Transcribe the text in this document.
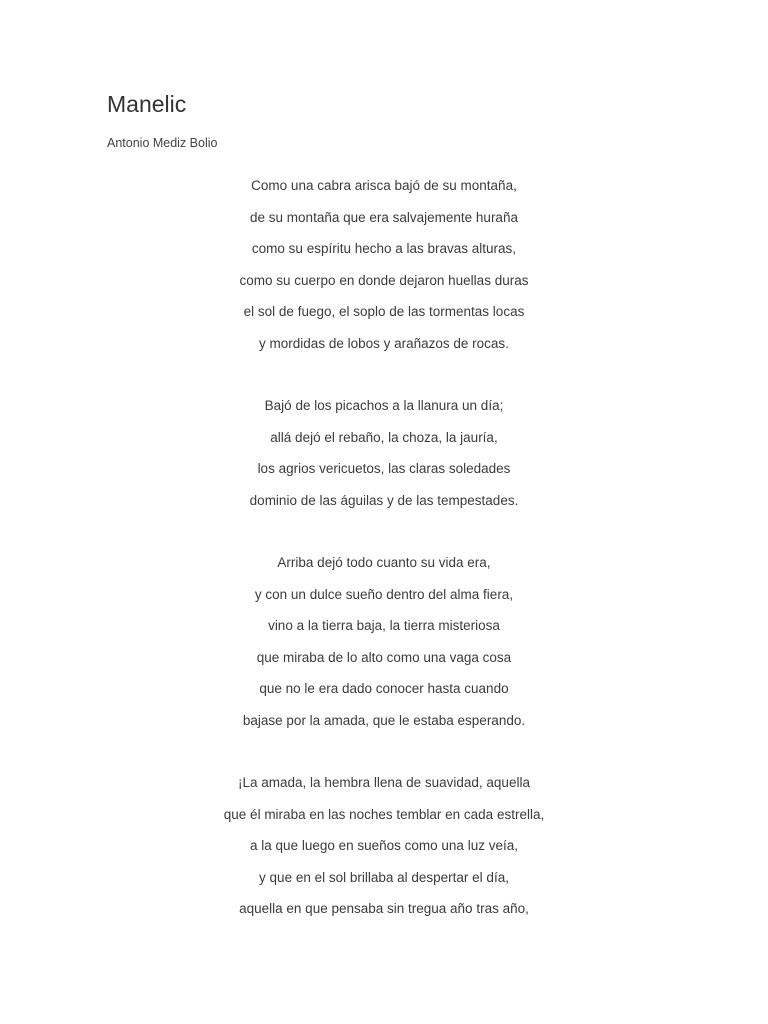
Manelic
Antonio Mediz Bolio
Como una cabra arisca bajó de su montaña,
de su montaña que era salvajemente huraña
como su espíritu hecho a las bravas alturas,
como su cuerpo en donde dejaron huellas duras
el sol de fuego, el soplo de las tormentas locas
y mordidas de lobos y arañazos de rocas.
Bajó de los picachos a la llanura un día;
allá dejó el rebaño, la choza, la jauría,
los agrios vericuetos, las claras soledades
dominio de las águilas y de las tempestades.
Arriba dejó todo cuanto su vida era,
y con un dulce sueño dentro del alma fiera,
vino a la tierra baja, la tierra misteriosa
que miraba de lo alto como una vaga cosa
que no le era dado conocer hasta cuando
bajase por la amada, que le estaba esperando.
¡La amada, la hembra llena de suavidad, aquella
que él miraba en las noches temblar en cada estrella,
a la que luego en sueños como una luz veía,
y que en el sol brillaba al despertar el día,
aquella en que pensaba sin tregua año tras año,
